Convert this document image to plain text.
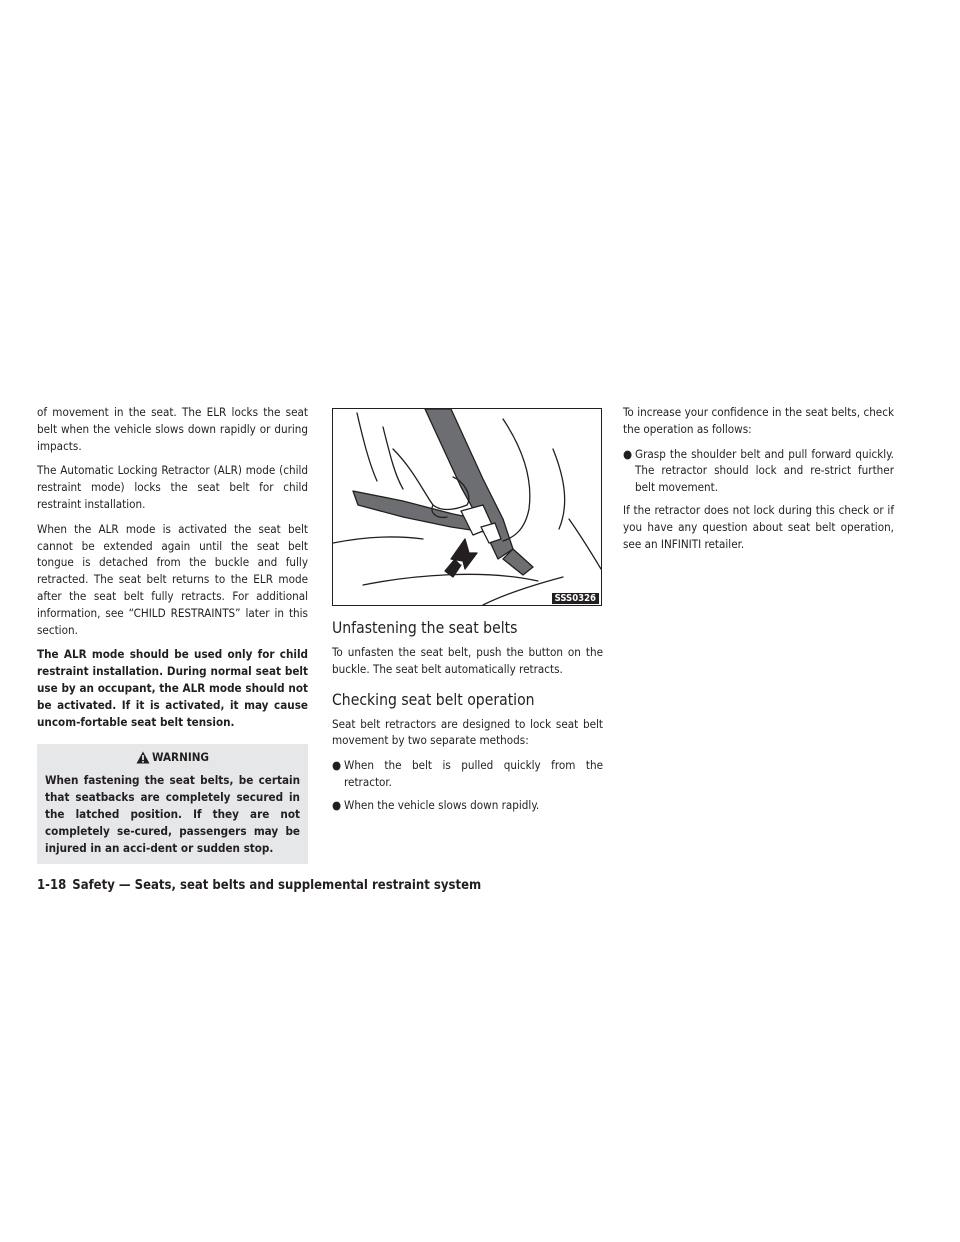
of movement in the seat. The ELR locks the seat belt when the vehicle slows down rapidly or during impacts.

The Automatic Locking Retractor (ALR) mode (child restraint mode) locks the seat belt for child restraint installation.

When the ALR mode is activated the seat belt cannot be extended again until the seat belt tongue is detached from the buckle and fully retracted. The seat belt returns to the ELR mode after the seat belt fully retracts. For additional information, see “CHILD RESTRAINTS” later in this section.

The ALR mode should be used only for child restraint installation. During normal seat belt use by an occupant, the ALR mode should not be activated. If it is activated, it may cause uncom-fortable seat belt tension.

WARNING

When fastening the seat belts, be certain that seatbacks are completely secured in the latched position. If they are not completely se-cured, passengers may be injured in an acci-dent or sudden stop.

SSS0326
Unfastening the seat belts

To unfasten the seat belt, push the button on the buckle. The seat belt automatically retracts.

Checking seat belt operation

Seat belt retractors are designed to lock seat belt movement by two separate methods:

● When the belt is pulled quickly from the retractor.
● When the vehicle slows down rapidly.

To increase your confidence in the seat belts, check the operation as follows:

● Grasp the shoulder belt and pull forward quickly. The retractor should lock and re-strict further belt movement.

If the retractor does not lock during this check or if you have any question about seat belt operation, see an INFINITI retailer.

1-18 Safety — Seats, seat belts and supplemental restraint system
